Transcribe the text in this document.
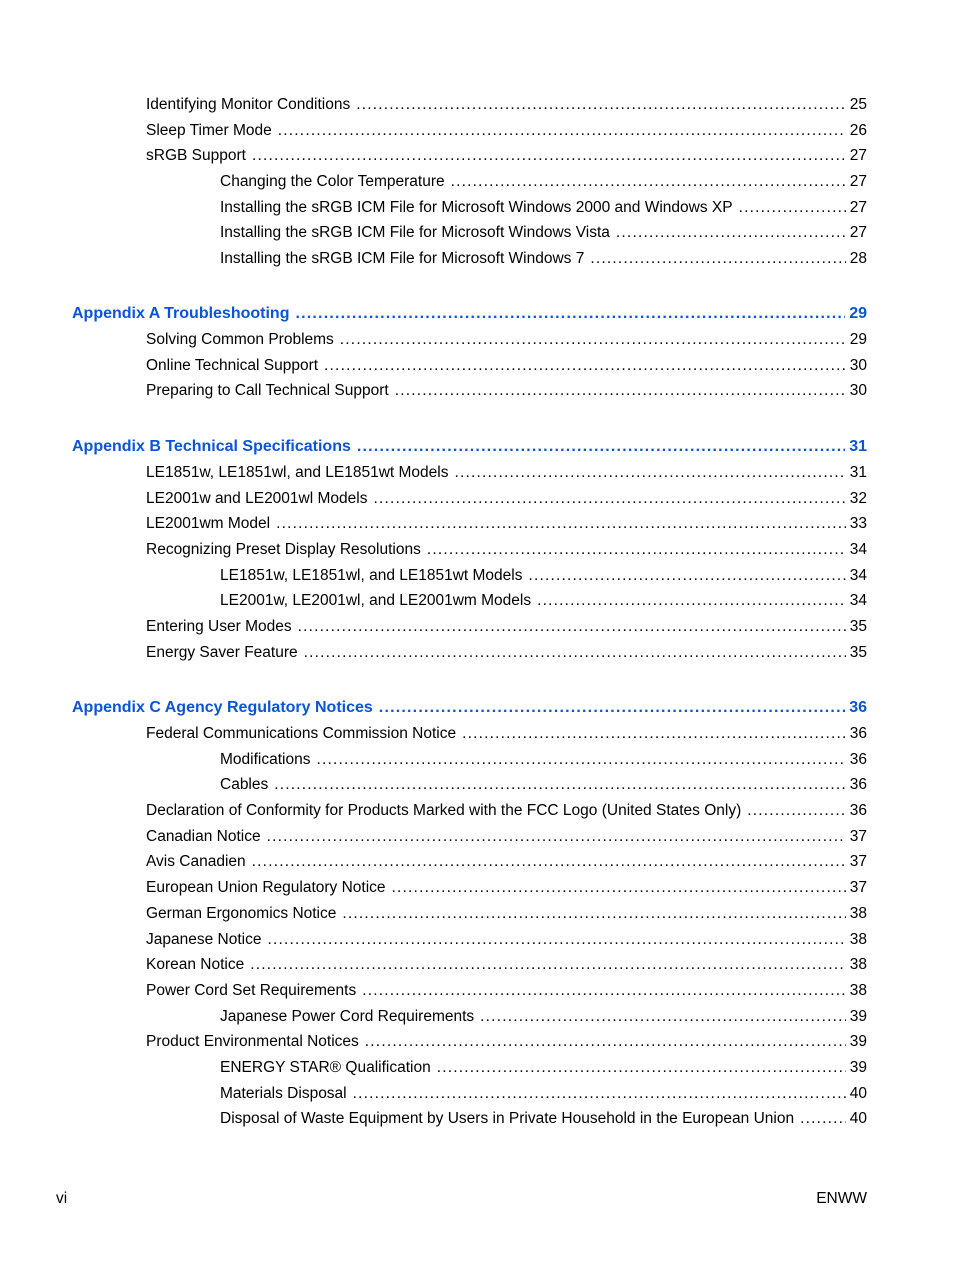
Identifying Monitor Conditions .....	25
Sleep Timer Mode .....	26
sRGB Support .....	27
Changing the Color Temperature .....	27
Installing the sRGB ICM File for Microsoft Windows 2000 and Windows XP .....	27
Installing the sRGB ICM File for Microsoft Windows Vista .....	27
Installing the sRGB ICM File for Microsoft Windows 7 .....	28
Appendix A Troubleshooting .....	29
Solving Common Problems .....	29
Online Technical Support .....	30
Preparing to Call Technical Support .....	30
Appendix B Technical Specifications .....	31
LE1851w, LE1851wl, and LE1851wt Models .....	31
LE2001w and LE2001wl Models .....	32
LE2001wm Model .....	33
Recognizing Preset Display Resolutions .....	34
LE1851w, LE1851wl, and LE1851wt Models .....	34
LE2001w, LE2001wl, and LE2001wm Models .....	34
Entering User Modes .....	35
Energy Saver Feature .....	35
Appendix C Agency Regulatory Notices .....	36
Federal Communications Commission Notice .....	36
Modifications .....	36
Cables .....	36
Declaration of Conformity for Products Marked with the FCC Logo (United States Only) .....	36
Canadian Notice .....	37
Avis Canadien .....	37
European Union Regulatory Notice .....	37
German Ergonomics Notice .....	38
Japanese Notice .....	38
Korean Notice .....	38
Power Cord Set Requirements .....	38
Japanese Power Cord Requirements .....	39
Product Environmental Notices .....	39
ENERGY STAR® Qualification .....	39
Materials Disposal .....	40
Disposal of Waste Equipment by Users in Private Household in the European Union .....	40
vi	ENWW
